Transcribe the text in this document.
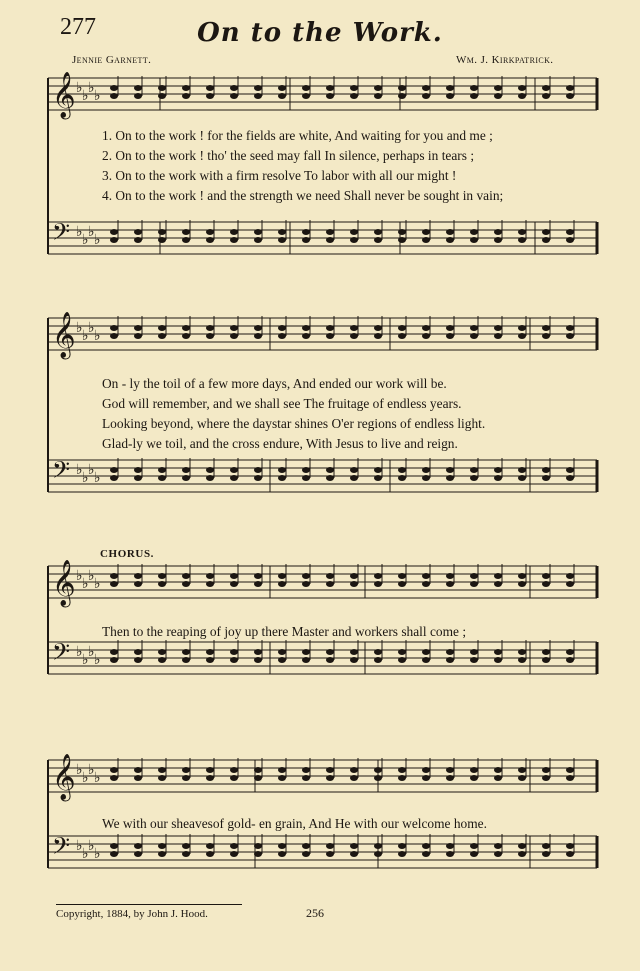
277	On to the Work.
Jennie Garnett.	Wm. J. Kirkpatrick.
𝄞 ♭ ♭ ♭ ♭
𝄢 ♭ ♭ ♭ ♭
1. On to the work ! for the fields are white, And waiting for you and me ;
2. On to the work ! tho' the seed may fall In silence, perhaps in tears ;
3. On to the work with a firm resolve To labor with all our might !
4. On to the work ! and the strength we need Shall never be sought in vain;
𝄞 ♭ ♭ ♭ ♭
𝄢 ♭ ♭ ♭ ♭
On - ly the toil of a few more days, And ended our work will be.
God will remember, and we shall see The fruitage of endless years.
Looking beyond, where the daystar shines O'er regions of endless light.
Glad-ly we toil, and the cross endure, With Jesus to live and reign.
CHORUS.
𝄞 ♭ ♭ ♭ ♭
𝄢 ♭ ♭ ♭ ♭
Then to the reaping of joy up there Master and workers shall come ;
𝄞 ♭ ♭ ♭ ♭
𝄢 ♭ ♭ ♭ ♭
We with our sheavesof gold- en grain, And He with our welcome home.
Copyright, 1884, by John J. Hood.	256
